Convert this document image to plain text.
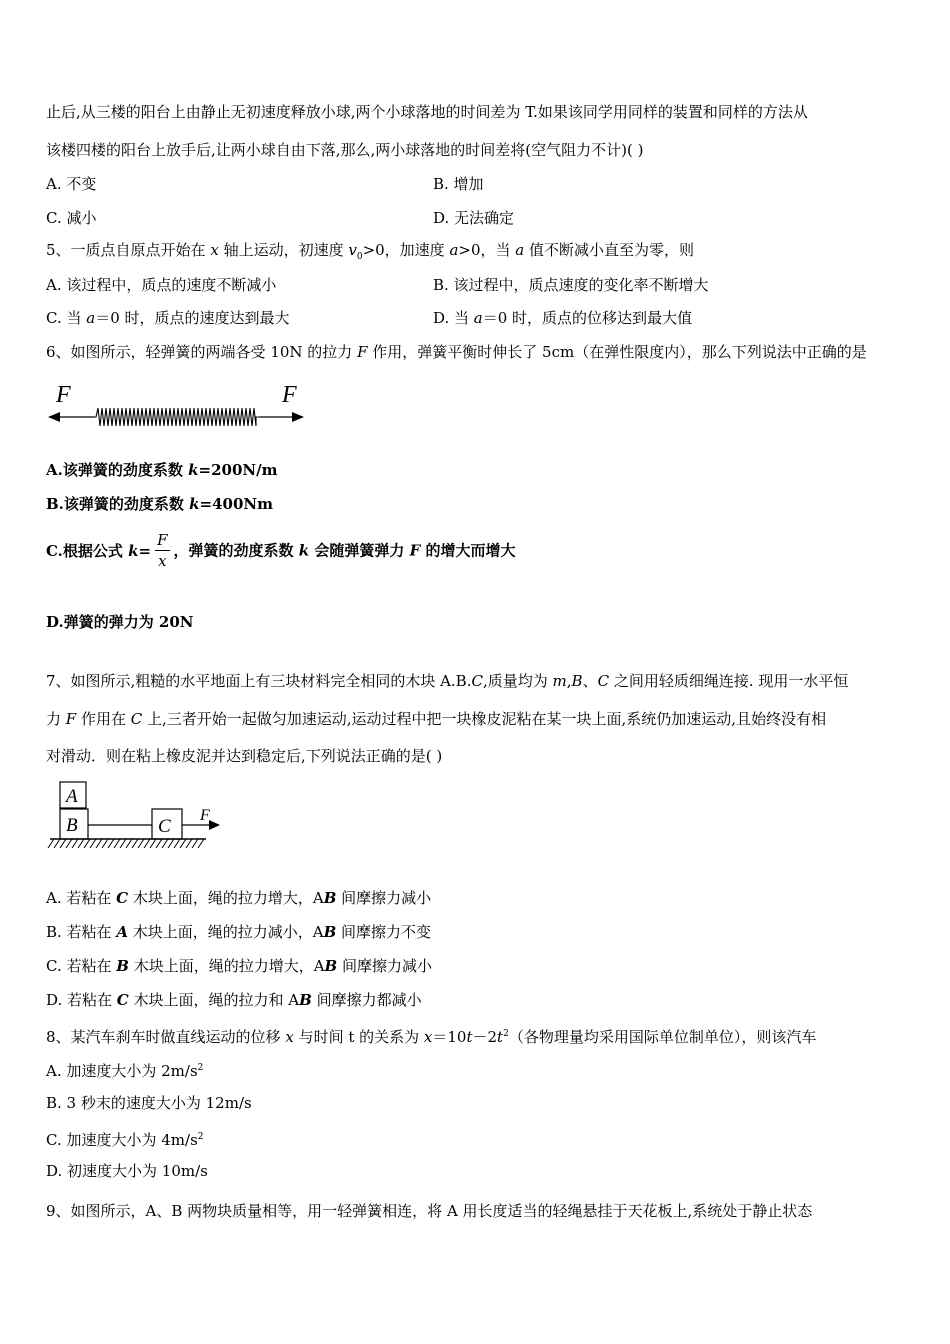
止后,从三楼的阳台上由静止无初速度释放小球,两个小球落地的时间差为 T.如果该同学用同样的装置和同样的方法从
该楼四楼的阳台上放手后,让两小球自由下落,那么,两小球落地的时间差将(空气阻力不计)( )
A. 不变	B. 增加
C. 减小	D. 无法确定
5、一质点自原点开始在 x 轴上运动，初速度 $v_0>0$，加速度 a>0，当 a 值不断减小直至为零，则
A. 该过程中，质点的速度不断减小	B. 该过程中，质点速度的变化率不断增大
C. 当 a＝0 时，质点的速度达到最大	D. 当 a＝0 时，质点的位移达到最大值
6、如图所示，轻弹簧的两端各受 10N 的拉力 F 作用，弹簧平衡时伸长了 5cm（在弹性限度内），那么下列说法中正确的是
F	F
A.该弹簧的劲度系数 k=200N/m
B.该弹簧的劲度系数 k=400Nm
C.根据公式 $k= \frac{F}{x}$ ，弹簧的劲度系数 k 会随弹簧弹力 F 的增大而增大
D.弹簧的弹力为 20N
7、如图所示,粗糙的水平地面上有三块材料完全相同的木块 A.B.C,质量均为 m,B、C 之间用轻质细绳连接. 现用一水平恒
力 F 作用在 C 上,三者开始一起做匀加速运动,运动过程中把一块橡皮泥粘在某一块上面,系统仍加速运动,且始终没有相
对滑动．则在粘上橡皮泥并达到稳定后,下列说法正确的是( )
A
B	C
F
A. 若粘在 C 木块上面，绳的拉力增大，AB 间摩擦力减小
B. 若粘在 A 木块上面，绳的拉力减小，AB 间摩擦力不变
C. 若粘在 B 木块上面，绳的拉力增大，AB 间摩擦力减小
D. 若粘在 C 木块上面，绳的拉力和 AB 间摩擦力都减小
8、某汽车刹车时做直线运动的位移 x 与时间 t 的关系为 $x=10t-2t^2$（各物理量均采用国际单位制单位），则该汽车
A. 加速度大小为 $2m/s^2$
B. 3 秒末的速度大小为 12m/s
C. 加速度大小为 $4m/s^2$
D. 初速度大小为 10m/s
9、如图所示，A、B 两物块质量相等，用一轻弹簧相连，将 A 用长度适当的轻绳悬挂于天花板上,系统处于静止状态
